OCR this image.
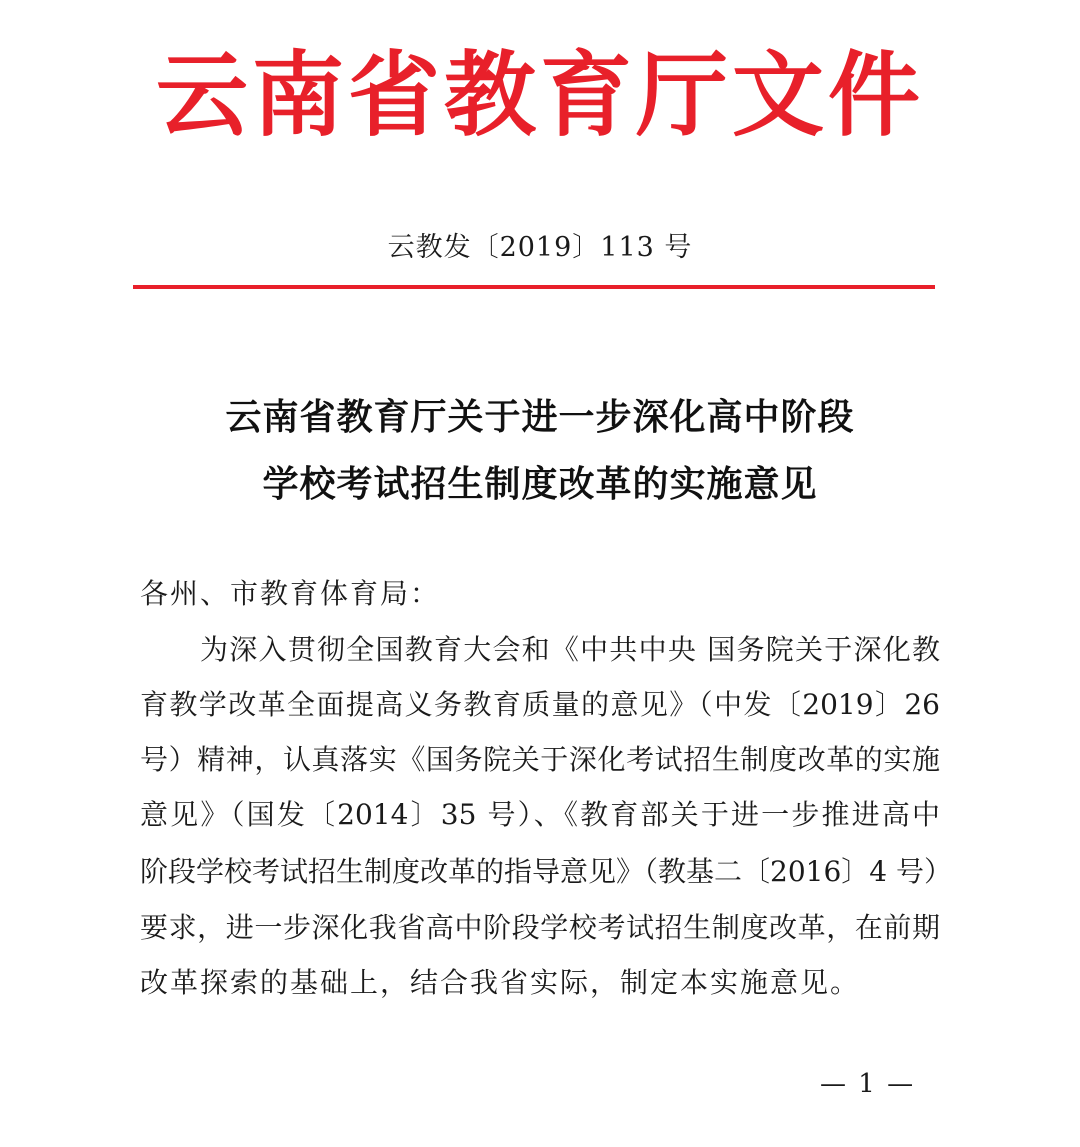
云南省教育厅文件
云教发〔2019〕113 号
云南省教育厅关于进一步深化高中阶段
学校考试招生制度改革的实施意见
各州、市教育体育局：
为深入贯彻全国教育大会和《中共中央 国务院关于深化教
育教学改革全面提高义务教育质量的意见》（中发〔2019〕26
号）精神，认真落实《国务院关于深化考试招生制度改革的实施
意见》（国发〔2014〕35 号）、《教育部关于进一步推进高中
阶段学校考试招生制度改革的指导意见》（教基二〔2016〕4 号）
要求，进一步深化我省高中阶段学校考试招生制度改革，在前期
改革探索的基础上，结合我省实际，制定本实施意见。
— 1 —
